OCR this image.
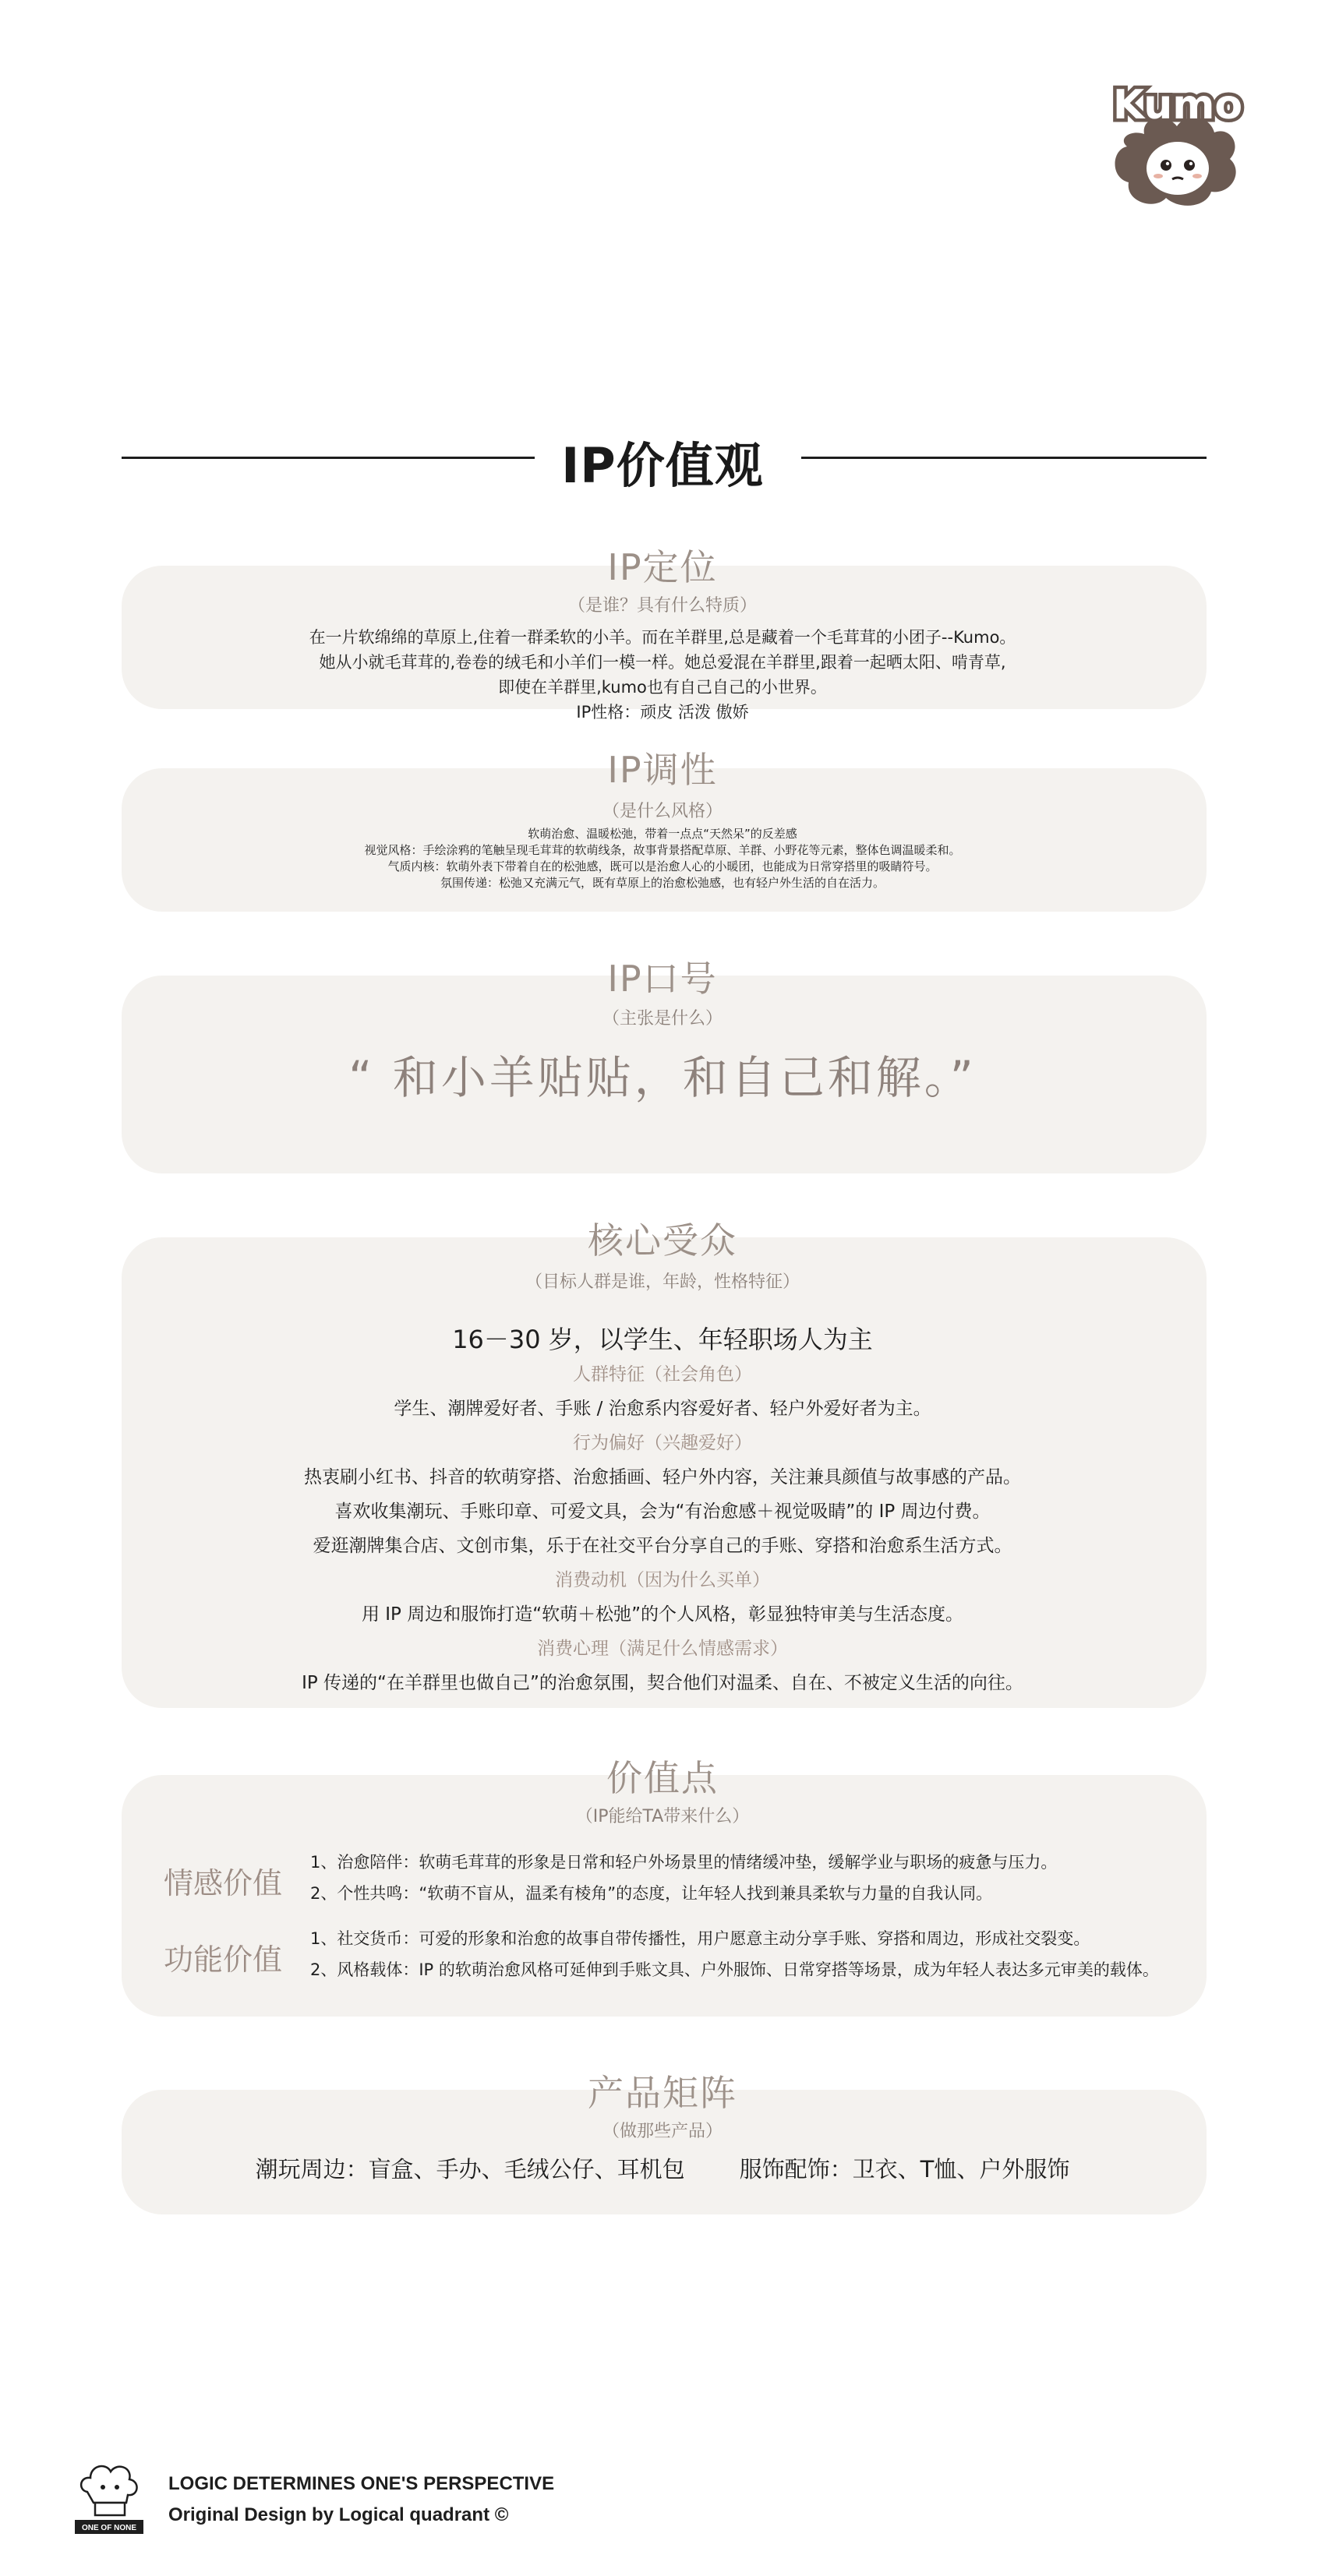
Kumo
IP价值观
IP定位
（是谁？具有什么特质）
在一片软绵绵的草原上,住着一群柔软的小羊。而在羊群里,总是藏着一个毛茸茸的小团子--Kumo。
她从小就毛茸茸的,卷卷的绒毛和小羊们一模一样。她总爱混在羊群里,跟着一起晒太阳、啃青草,
即使在羊群里,kumo也有自己自己的小世界。
IP性格：顽皮 活泼 傲娇
IP调性
（是什么风格）
软萌治愈、温暖松弛，带着一点点“天然呆”的反差感
视觉风格：手绘涂鸦的笔触呈现毛茸茸的软萌线条，故事背景搭配草原、羊群、小野花等元素，整体色调温暖柔和。
气质内核：软萌外表下带着自在的松弛感，既可以是治愈人心的小暖团，也能成为日常穿搭里的吸睛符号。
氛围传递：松弛又充满元气，既有草原上的治愈松弛感，也有轻户外生活的自在活力。
IP口号
（主张是什么）
“ 和小羊贴贴，和自己和解。”
核心受众
（目标人群是谁，年龄，性格特征）
16－30 岁，以学生、年轻职场人为主
人群特征（社会角色）
学生、潮牌爱好者、手账 / 治愈系内容爱好者、轻户外爱好者为主。
行为偏好（兴趣爱好）
热衷刷小红书、抖音的软萌穿搭、治愈插画、轻户外内容，关注兼具颜值与故事感的产品。
喜欢收集潮玩、手账印章、可爱文具，会为“有治愈感＋视觉吸睛”的 IP 周边付费。
爱逛潮牌集合店、文创市集，乐于在社交平台分享自己的手账、穿搭和治愈系生活方式。
消费动机（因为什么买单）
用 IP 周边和服饰打造“软萌＋松弛”的个人风格，彰显独特审美与生活态度。
消费心理（满足什么情感需求）
IP 传递的“在羊群里也做自己”的治愈氛围，契合他们对温柔、自在、不被定义生活的向往。
价值点
（IP能给TA带来什么）
情感价值
1、治愈陪伴：软萌毛茸茸的形象是日常和轻户外场景里的情绪缓冲垫，缓解学业与职场的疲惫与压力。
2、个性共鸣：“软萌不盲从，温柔有棱角”的态度，让年轻人找到兼具柔软与力量的自我认同。
功能价值
1、社交货币：可爱的形象和治愈的故事自带传播性，用户愿意主动分享手账、穿搭和周边，形成社交裂变。
2、风格载体：IP 的软萌治愈风格可延伸到手账文具、户外服饰、日常穿搭等场景，成为年轻人表达多元审美的载体。
产品矩阵
（做那些产品）
潮玩周边：盲盒、手办、毛绒公仔、耳机包 服饰配饰：卫衣、T恤、户外服饰
ONE OF NONE
LOGIC DETERMINES ONE'S PERSPECTIVE
Original Design by Logical quadrant ©
